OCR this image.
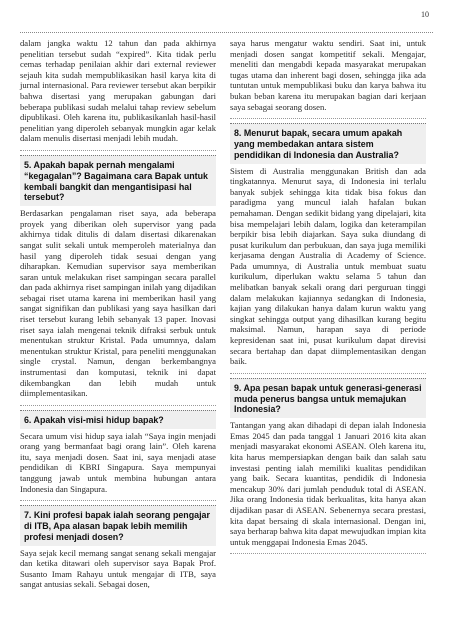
10

dalam jangka waktu 12 tahun dan pada akhirnya penelitian tersebut sudah “expired”. Kita tidak perlu cemas terhadap penilaian akhir dari external reviewer sejauh kita sudah mempublikasikan hasil karya kita di jurnal internasional. Para reviewer tersebut akan berpikir bahwa disertasi yang merupakan gabungan dari beberapa publikasi sudah melalui tahap review sebelum dipublikasi. Oleh karena itu, publikasikanlah hasil-hasil penelitian yang diperoleh sebanyak mungkin agar kelak dalam menulis disertasi menjadi lebih mudah.

5. Apakah bapak pernah mengalami “kegagalan”? Bagaimana cara Bapak untuk kembali bangkit dan mengantisipasi hal tersebut?

Berdasarkan pengalaman riset saya, ada beberapa proyek yang diberikan oleh supervisor yang pada akhirnya tidak ditulis di dalam disertasi dikarenakan sangat sulit sekali untuk memperoleh materialnya dan hasil yang diperoleh tidak sesuai dengan yang diharapkan. Kemudian supervisor saya memberikan saran untuk melakukan riset sampingan secara parallel dan pada akhirnya riset sampingan inilah yang dijadikan sebagai riset utama karena ini memberikan hasil yang sangat signifikan dan publikasi yang saya hasilkan dari riset tersebut kurang lebih sebanyak 13 paper. Inovasi riset saya ialah mengenai teknik difraksi serbuk untuk menentukan struktur Kristal. Pada umumnya, dalam menentukan struktur Kristal, para peneliti menggunakan single crystal. Namun, dengan berkembangnya instrumentasi dan komputasi, teknik ini dapat dikembangkan dan lebih mudah untuk diimplementasikan.

6. Apakah visi-misi hidup bapak?

Secara umum visi hidup saya ialah “Saya ingin menjadi orang yang bermanfaat bagi orang lain”. Oleh karena itu, saya menjadi dosen. Saat ini, saya menjadi atase pendidikan di KBRI Singapura. Saya mempunyai tanggung jawab untuk membina hubungan antara Indonesia dan Singapura.

7. Kini profesi bapak ialah seorang pengajar di ITB, Apa alasan bapak lebih memilih profesi menjadi dosen?

Saya sejak kecil memang sangat senang sekali mengajar dan ketika ditawari oleh supervisor saya Bapak Prof. Susanto Imam Rahayu untuk mengajar di ITB, saya sangat antusias sekali. Sebagai dosen,

saya harus mengatur waktu sendiri. Saat ini, untuk menjadi dosen sangat kompetitif sekali. Mengajar, meneliti dan mengabdi kepada masyarakat merupakan tugas utama dan inherent bagi dosen, sehingga jika ada tuntutan untuk mempublikasi buku dan karya bahwa itu bukan beban karena itu merupakan bagian dari kerjaan saya sebagai seorang dosen.

8. Menurut bapak, secara umum apakah yang membedakan antara sistem pendidikan di Indonesia dan Australia?

Sistem di Australia menggunakan British dan ada tingkatannya. Menurut saya, di Indonesia ini terlalu banyak subjek sehingga kita tidak bisa fokus dan paradigma yang muncul ialah hafalan bukan pemahaman. Dengan sedikit bidang yang dipelajari, kita bisa mempelajari lebih dalam, logika dan keterampilan berpikir bisa lebih diajarkan. Saya suka diundang di pusat kurikulum dan perbukuan, dan saya juga memiliki kerjasama dengan Australia di Academy of Science. Pada umumnya, di Australia untuk membuat suatu kurikulum, diperlukan waktu selama 5 tahun dan melibatkan banyak sekali orang dari perguruan tinggi dalam melakukan kajiannya sedangkan di Indonesia, kajian yang dilakukan hanya dalam kurun waktu yang singkat sehingga output yang dihasilkan kurang begitu maksimal. Namun, harapan saya di periode kepresidenan saat ini, pusat kurikulum dapat direvisi secara bertahap dan dapat diimplementasikan dengan baik.

9. Apa pesan bapak untuk generasi-generasi muda penerus bangsa untuk memajukan Indonesia?

Tantangan yang akan dihadapi di depan ialah Indonesia Emas 2045 dan pada tanggal 1 Januari 2016 kita akan menjadi masyarakat ekonomi ASEAN. Oleh karena itu, kita harus mempersiapkan dengan baik dan salah satu investasi penting ialah memiliki kualitas pendidikan yang baik. Secara kuantitas, pendidik di Indonesia mencakup 30% dari jumlah penduduk total di ASEAN. Jika orang Indonesia tidak berkualitas, kita hanya akan dijadikan pasar di ASEAN. Sebenernya secara prestasi, kita dapat bersaing di skala internasional. Dengan ini, saya berharap bahwa kita dapat mewujudkan impian kita untuk menggapai Indonesia Emas 2045.
